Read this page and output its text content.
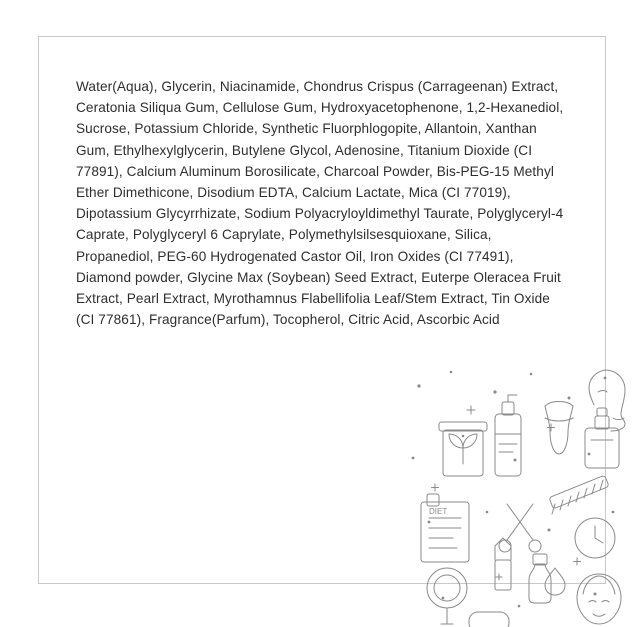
Water(Aqua), Glycerin, Niacinamide, Chondrus Crispus (Carrageenan) Extract, Ceratonia Siliqua Gum, Cellulose Gum, Hydroxyacetophenone, 1,2-Hexanediol, Sucrose, Potassium Chloride, Synthetic Fluorphlogopite, Allantoin, Xanthan Gum, Ethylhexylglycerin, Butylene Glycol, Adenosine, Titanium Dioxide (CI 77891), Calcium Aluminum Borosilicate, Charcoal Powder, Bis-PEG-15 Methyl Ether Dimethicone, Disodium EDTA, Calcium Lactate, Mica (CI 77019), Dipotassium Glycyrrhizate, Sodium Polyacryloyldimethyl Taurate, Polyglyceryl-4 Caprate, Polyglyceryl 6 Caprylate, Polymethylsilsesquioxane, Silica, Propanediol, PEG-60 Hydrogenated Castor Oil, Iron Oxides (CI 77491), Diamond powder, Glycine Max (Soybean) Seed Extract, Euterpe Oleracea Fruit Extract, Pearl Extract, Myrothamnus Flabellifolia Leaf/Stem Extract, Tin Oxide (CI 77861), Fragrance(Parfum), Tocopherol, Citric Acid, Ascorbic Acid
DIET
